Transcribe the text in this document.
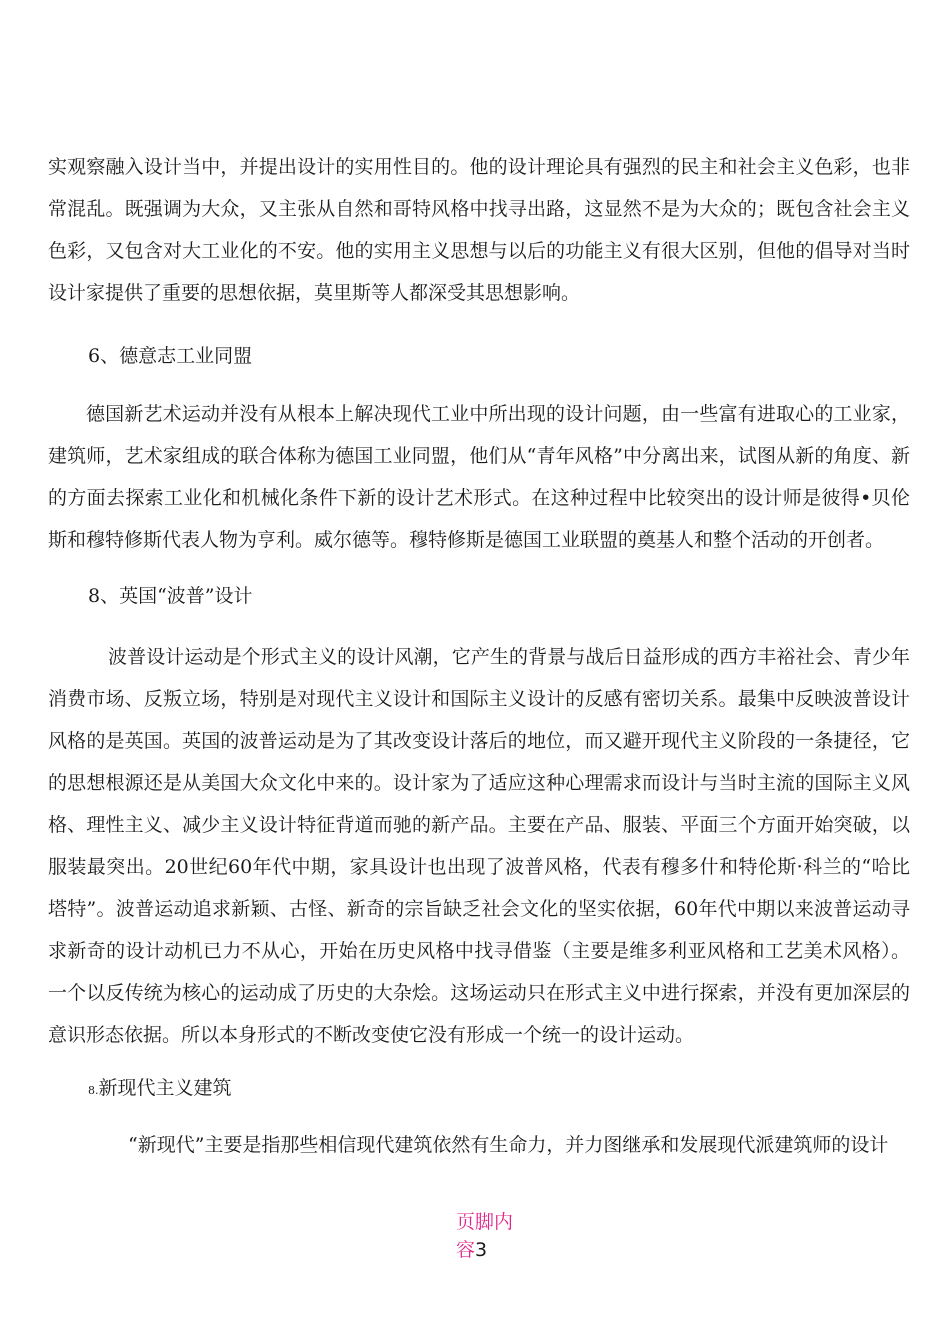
实观察融入设计当中，并提出设计的实用性目的。他的设计理论具有强烈的民主和社会主义色彩，也非常混乱。既强调为大众，又主张从自然和哥特风格中找寻出路，这显然不是为大众的；既包含社会主义色彩，又包含对大工业化的不安。他的实用主义思想与以后的功能主义有很大区别，但他的倡导对当时设计家提供了重要的思想依据，莫里斯等人都深受其思想影响。

6、德意志工业同盟

德国新艺术运动并没有从根本上解决现代工业中所出现的设计问题，由一些富有进取心的工业家，建筑师，艺术家组成的联合体称为德国工业同盟，他们从“青年风格”中分离出来，试图从新的角度、新的方面去探索工业化和机械化条件下新的设计艺术形式。在这种过程中比较突出的设计师是彼得•贝伦斯和穆特修斯代表人物为亨利。威尔德等。穆特修斯是德国工业联盟的奠基人和整个活动的开创者。

8、英国“波普”设计

波普设计运动是个形式主义的设计风潮，它产生的背景与战后日益形成的西方丰裕社会、青少年消费市场、反叛立场，特别是对现代主义设计和国际主义设计的反感有密切关系。最集中反映波普设计风格的是英国。英国的波普运动是为了其改变设计落后的地位，而又避开现代主义阶段的一条捷径，它的思想根源还是从美国大众文化中来的。设计家为了适应这种心理需求而设计与当时主流的国际主义风格、理性主义、减少主义设计特征背道而驰的新产品。主要在产品、服装、平面三个方面开始突破，以服装最突出。20世纪60年代中期，家具设计也出现了波普风格，代表有穆多什和特伦斯·科兰的“哈比塔特”。波普运动追求新颖、古怪、新奇的宗旨缺乏社会文化的坚实依据，60年代中期以来波普运动寻求新奇的设计动机已力不从心，开始在历史风格中找寻借鉴（主要是维多利亚风格和工艺美术风格）。一个以反传统为核心的运动成了历史的大杂烩。这场运动只在形式主义中进行探索，并没有更加深层的意识形态依据。所以本身形式的不断改变使它没有形成一个统一的设计运动。

8.新现代主义建筑

“新现代”主要是指那些相信现代建筑依然有生命力，并力图继承和发展现代派建筑师的设计

页脚内容3
